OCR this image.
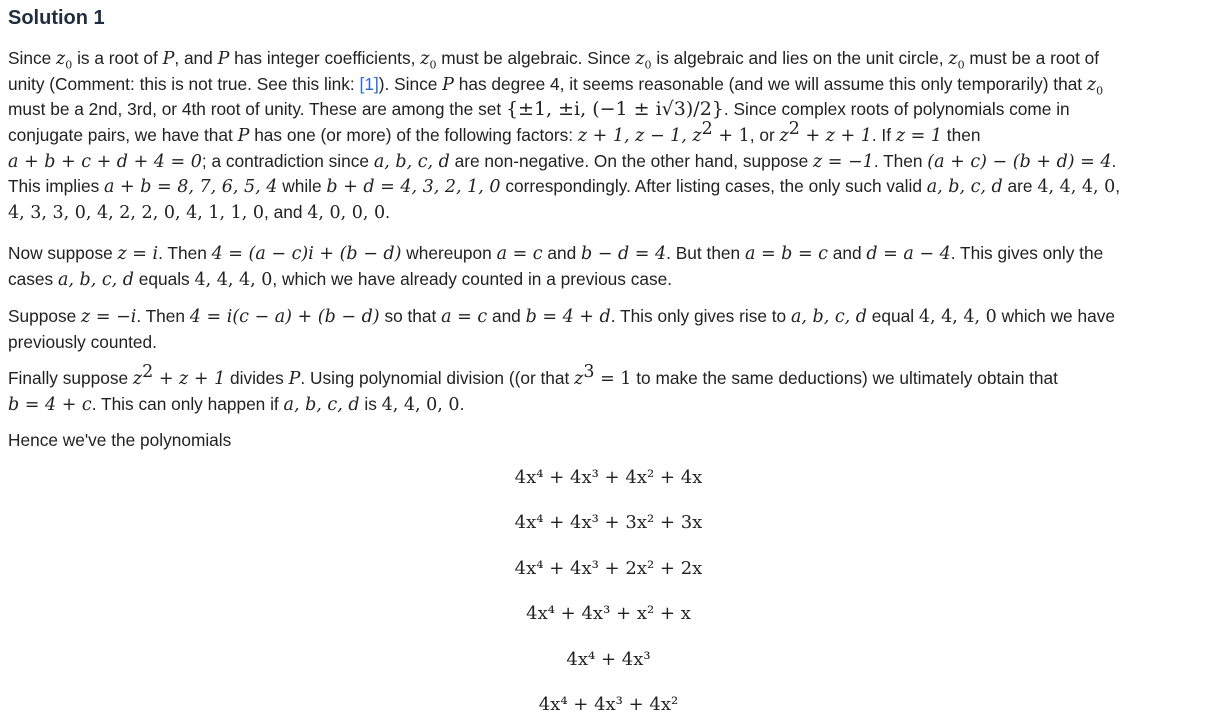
Solution 1
Since $z_0$ is a root of P, and P has integer coefficients, $z_0$ must be algebraic. Since $z_0$ is algebraic and lies on the unit circle, $z_0$ must be a root of
unity (Comment: this is not true. See this link: [1]). Since P has degree 4, it seems reasonable (and we will assume this only temporarily) that $z_0$
must be a 2nd, 3rd, or 4th root of unity. These are among the set {±1, ±i, (−1 ± i√3)/2}. Since complex roots of polynomials come in
conjugate pairs, we have that P has one (or more) of the following factors: z + 1, z − 1, $z^2 + 1$, or $z^2 + z + 1$. If z = 1 then
a + b + c + d + 4 = 0; a contradiction since a, b, c, d are non-negative. On the other hand, suppose z = −1. Then (a + c) − (b + d) = 4.
This implies a + b = 8, 7, 6, 5, 4 while b + d = 4, 3, 2, 1, 0 correspondingly. After listing cases, the only such valid a, b, c, d are 4, 4, 4, 0,
4, 3, 3, 0, 4, 2, 2, 0, 4, 1, 1, 0, and 4, 0, 0, 0.
Now suppose z = i. Then 4 = (a − c)i + (b − d) whereupon a = c and b − d = 4. But then a = b = c and d = a − 4. This gives only the
cases a, b, c, d equals 4, 4, 4, 0, which we have already counted in a previous case.
Suppose z = −i. Then 4 = i(c − a) + (b − d) so that a = c and b = 4 + d. This only gives rise to a, b, c, d equal 4, 4, 4, 0 which we have
previously counted.
Finally suppose $z^2 + z + 1$ divides P. Using polynomial division ((or that $z^3 = 1$ to make the same deductions) we ultimately obtain that
b = 4 + c. This can only happen if a, b, c, d is 4, 4, 0, 0.
Hence we've the polynomials
4x⁴ + 4x³ + 4x² + 4x
4x⁴ + 4x³ + 3x² + 3x
4x⁴ + 4x³ + 2x² + 2x
4x⁴ + 4x³ + x² + x
4x⁴ + 4x³
4x⁴ + 4x³ + 4x²
